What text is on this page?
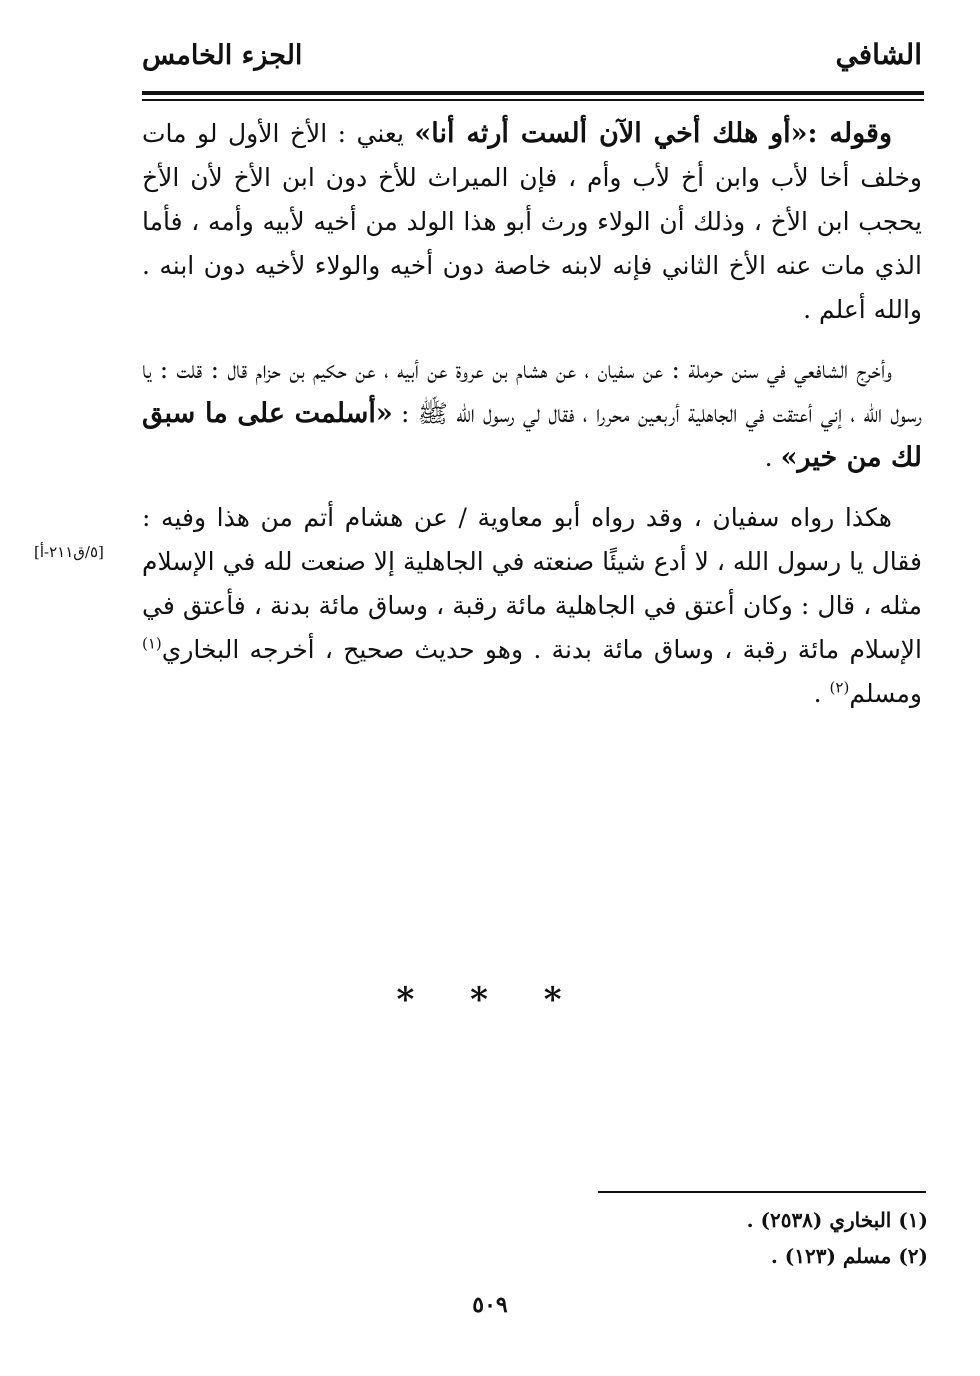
الشافي
الجزء الخامس

وقوله :«أو هلك أخي الآن ألست أرثه أنا» يعني : الأخ الأول لو مات وخلف أخا لأب وابن أخ لأب وأم ، فإن الميراث للأخ دون ابن الأخ لأن الأخ يحجب ابن الأخ ، وذلك أن الولاء ورث أبو هذا الولد من أخيه لأبيه وأمه ، فأما الذي مات عنه الأخ الثاني فإنه لابنه خاصة دون أخيه والولاء لأخيه دون ابنه . والله أعلم .

وأخرج الشافعي في سنن حرملة : عن سفيان ، عن هشام بن عروة عن أبيه ، عن حكيم بن حزام قال : قلت : يا رسول الله ، إني أعتقت في الجاهلية أربعين محررا ، فقال لي رسول الله ﷺ : «أسلمت على ما سبق لك من خير» .

هكذا رواه سفيان ، وقد رواه أبو معاوية / عن هشام أتم من هذا وفيه : فقال يا رسول الله ، لا أدع شيئًا صنعته في الجاهلية إلا صنعت لله في الإسلام مثله ، قال : وكان أعتق في الجاهلية مائة رقبة ، وساق مائة بدنة ، فأعتق في الإسلام مائة رقبة ، وساق مائة بدنة . وهو حديث صحيح ، أخرجه البخاري$^{(١)}$ ومسلم$^{(٢)}$ .

[٥/ق٢١١-أ]
* * *

(١) البخاري (٢٥٣٨) .

(٢) مسلم (١٢٣) .

٥٠٩
